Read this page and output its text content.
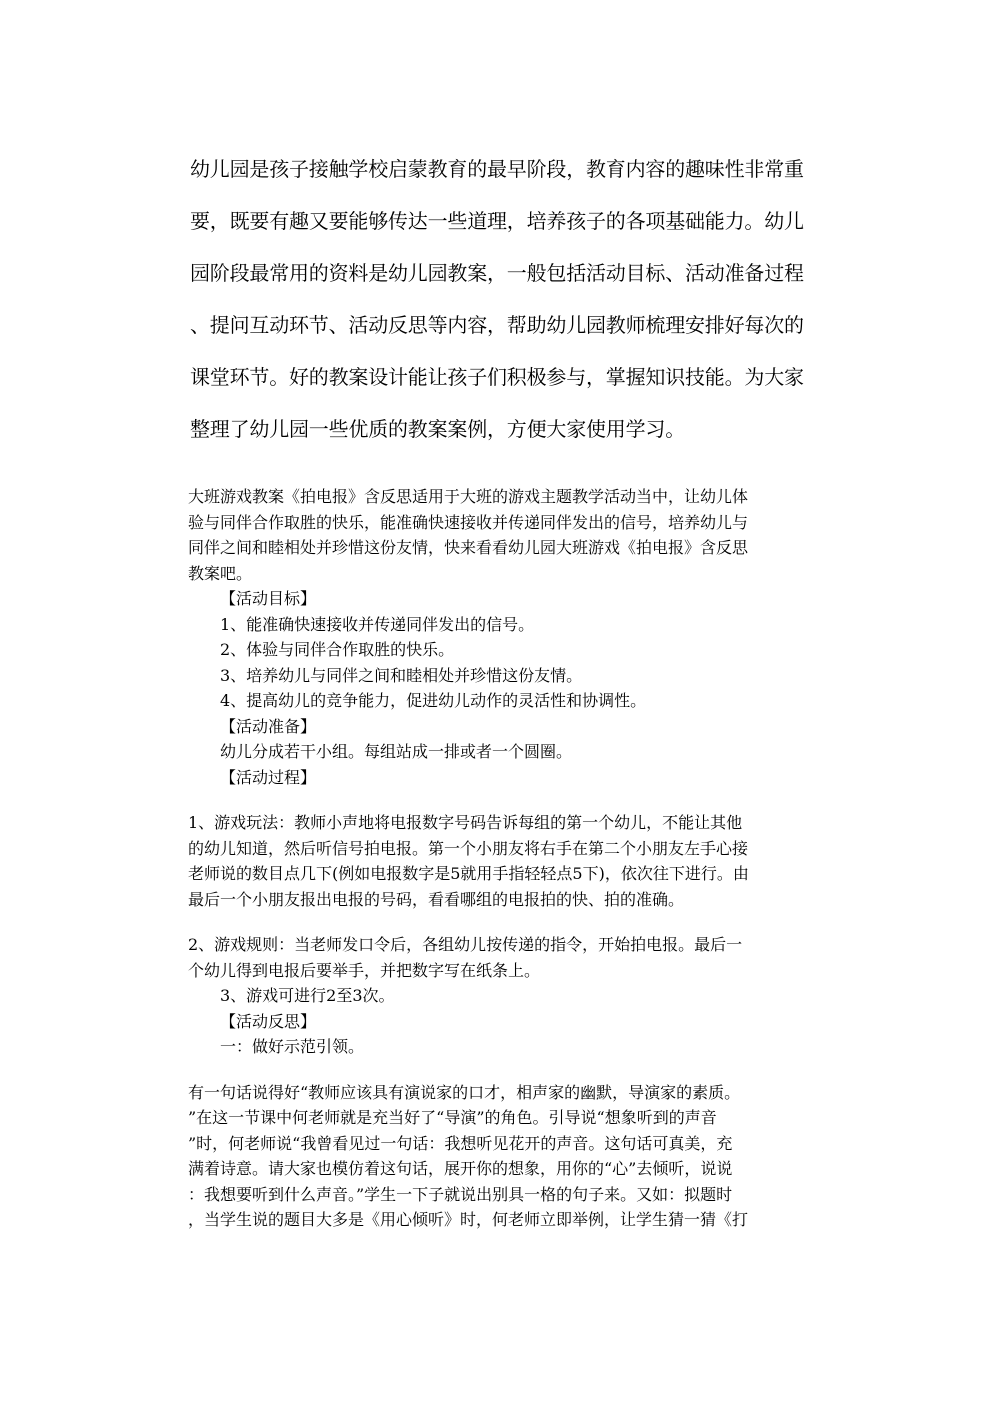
幼儿园是孩子接触学校启蒙教育的最早阶段，教育内容的趣味性非常重

要，既要有趣又要能够传达一些道理，培养孩子的各项基础能力。幼儿

园阶段最常用的资料是幼儿园教案，一般包括活动目标、活动准备过程

、提问互动环节、活动反思等内容，帮助幼儿园教师梳理安排好每次的

课堂环节。好的教案设计能让孩子们积极参与，掌握知识技能。为大家

整理了幼儿园一些优质的教案案例，方便大家使用学习。

大班游戏教案《拍电报》含反思适用于大班的游戏主题教学活动当中，让幼儿体
验与同伴合作取胜的快乐，能准确快速接收并传递同伴发出的信号，培养幼儿与
同伴之间和睦相处并珍惜这份友情，快来看看幼儿园大班游戏《拍电报》含反思
教案吧。
【活动目标】
1、能准确快速接收并传递同伴发出的信号。
2、体验与同伴合作取胜的快乐。
3、培养幼儿与同伴之间和睦相处并珍惜这份友情。
4、提高幼儿的竞争能力，促进幼儿动作的灵活性和协调性。
【活动准备】
幼儿分成若干小组。每组站成一排或者一个圆圈。
【活动过程】
1、游戏玩法：教师小声地将电报数字号码告诉每组的第一个幼儿，不能让其他
的幼儿知道，然后听信号拍电报。第一个小朋友将右手在第二个小朋友左手心接
老师说的数目点几下(例如电报数字是5就用手指轻轻点5下)，依次往下进行。由
最后一个小朋友报出电报的号码，看看哪组的电报拍的快、拍的准确。
2、游戏规则：当老师发口令后，各组幼儿按传递的指令，开始拍电报。最后一
个幼儿得到电报后要举手，并把数字写在纸条上。
3、游戏可进行2至3次。
【活动反思】
一：做好示范引领。
有一句话说得好“教师应该具有演说家的口才，相声家的幽默，导演家的素质。
”在这一节课中何老师就是充当好了“导演”的角色。引导说“想象听到的声音
”时，何老师说“我曾看见过一句话：我想听见花开的声音。这句话可真美，充
满着诗意。请大家也模仿着这句话，展开你的想象，用你的“心”去倾听，说说
：我想要听到什么声音。”学生一下子就说出别具一格的句子来。又如：拟题时
，当学生说的题目大多是《用心倾听》时，何老师立即举例，让学生猜一猜《打
